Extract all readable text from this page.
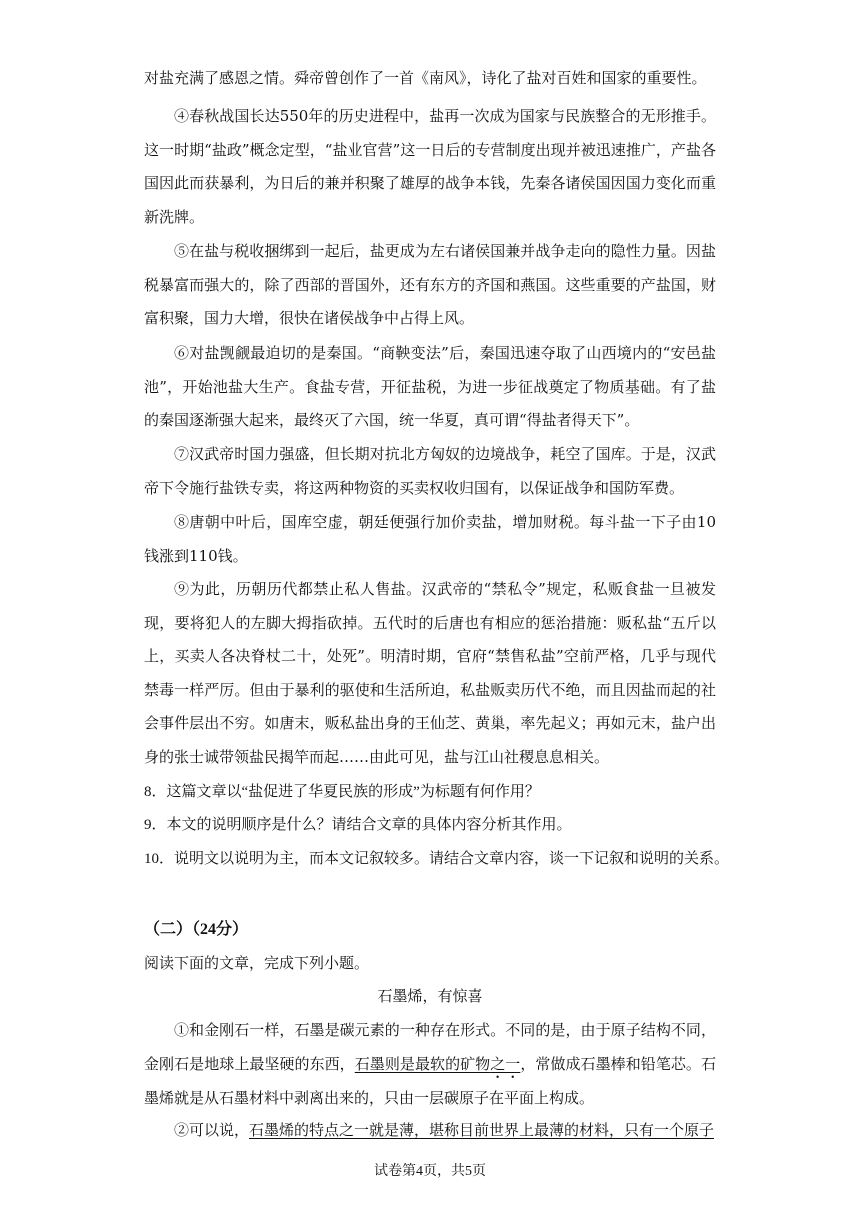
对盐充满了感恩之情。舜帝曾创作了一首《南风》，诗化了盐对百姓和国家的重要性。

④春秋战国长达550年的历史进程中，盐再一次成为国家与民族整合的无形推手。这一时期“盐政”概念定型，“盐业官营”这一日后的专营制度出现并被迅速推广，产盐各国因此而获暴利，为日后的兼并积聚了雄厚的战争本钱，先秦各诸侯国因国力变化而重新洗牌。

⑤在盐与税收捆绑到一起后，盐更成为左右诸侯国兼并战争走向的隐性力量。因盐税暴富而强大的，除了西部的晋国外，还有东方的齐国和燕国。这些重要的产盐国，财富积聚，国力大增，很快在诸侯战争中占得上风。

⑥对盐觊觎最迫切的是秦国。“商鞅变法”后，秦国迅速夺取了山西境内的“安邑盐池”，开始池盐大生产。食盐专营，开征盐税，为进一步征战奠定了物质基础。有了盐的秦国逐渐强大起来，最终灭了六国，统一华夏，真可谓“得盐者得天下”。

⑦汉武帝时国力强盛，但长期对抗北方匈奴的边境战争，耗空了国库。于是，汉武帝下令施行盐铁专卖，将这两种物资的买卖权收归国有，以保证战争和国防军费。

⑧唐朝中叶后，国库空虚，朝廷便强行加价卖盐，增加财税。每斗盐一下子由10钱涨到110钱。

⑨为此，历朝历代都禁止私人售盐。汉武帝的“禁私令”规定，私贩食盐一旦被发现，要将犯人的左脚大拇指砍掉。五代时的后唐也有相应的惩治措施：贩私盐“五斤以上，买卖人各决脊杖二十，处死”。明清时期，官府“禁售私盐”空前严格，几乎与现代禁毒一样严厉。但由于暴利的驱使和生活所迫，私盐贩卖历代不绝，而且因盐而起的社会事件层出不穷。如唐末，贩私盐出身的王仙芝、黄巢，率先起义；再如元末，盐户出身的张士诚带领盐民揭竿而起……由此可见，盐与江山社稷息息相关。

8．这篇文章以“盐促进了华夏民族的形成”为标题有何作用？

9．本文的说明顺序是什么？请结合文章的具体内容分析其作用。

10．说明文以说明为主，而本文记叙较多。请结合文章内容，谈一下记叙和说明的关系。

（二）（24分）
阅读下面的文章，完成下列小题。
石墨烯，有惊喜

①和金刚石一样，石墨是碳元素的一种存在形式。不同的是，由于原子结构不同，金刚石是地球上最坚硬的东西，石墨则是最软的矿物之一，常做成石墨棒和铅笔芯。石墨烯就是从石墨材料中剥离出来的，只由一层碳原子在平面上构成。

②可以说，石墨烯的特点之一就是薄，堪称目前世界上最薄的材料，只有一个原子

试卷第4页，共5页
